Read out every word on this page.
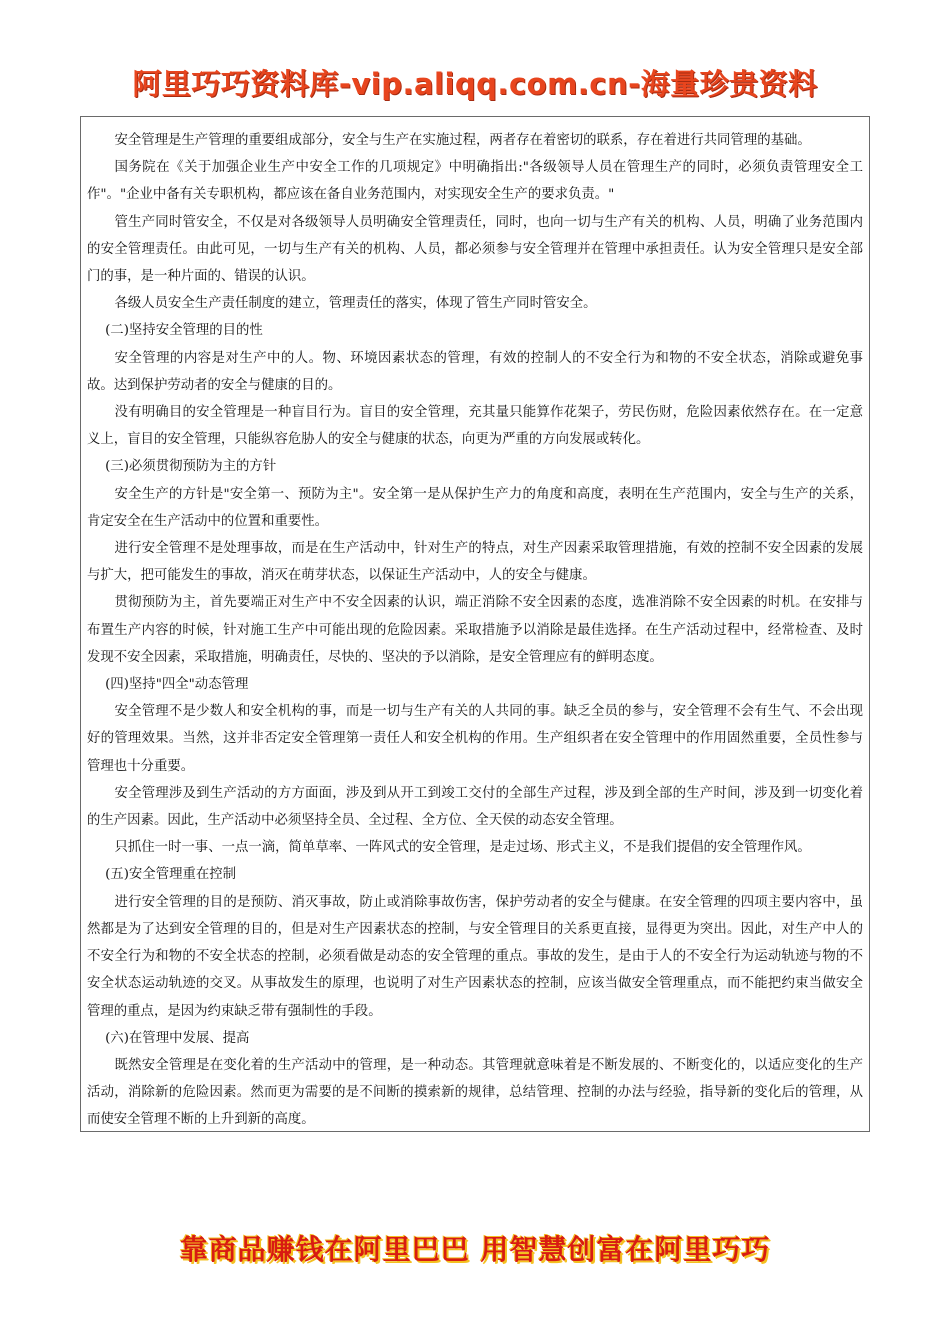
阿里巧巧资料库-vip.aliqq.com.cn-海量珍贵资料

安全管理是生产管理的重要组成部分，安全与生产在实施过程，两者存在着密切的联系，存在着进行共同管理的基础。

国务院在《关于加强企业生产中安全工作的几项规定》中明确指出:"各级领导人员在管理生产的同时，必须负责管理安全工作"。"企业中备有关专职机构，都应该在备自业务范围内，对实现安全生产的要求负责。"

管生产同时管安全，不仅是对各级领导人员明确安全管理责任，同时，也向一切与生产有关的机构、人员，明确了业务范围内的安全管理责任。由此可见，一切与生产有关的机构、人员，都必须参与安全管理并在管理中承担责任。认为安全管理只是安全部门的事，是一种片面的、错误的认识。

各级人员安全生产责任制度的建立，管理责任的落实，体现了管生产同时管安全。

(二)坚持安全管理的目的性

安全管理的内容是对生产中的人。物、环境因素状态的管理，有效的控制人的不安全行为和物的不安全状态，消除或避免事故。达到保护劳动者的安全与健康的目的。

没有明确目的安全管理是一种盲目行为。盲目的安全管理，充其量只能算作花架子，劳民伤财，危险因素依然存在。在一定意义上，盲目的安全管理，只能纵容危胁人的安全与健康的状态，向更为严重的方向发展或转化。

(三)必须贯彻预防为主的方针

安全生产的方针是"安全第一、预防为主"。安全第一是从保护生产力的角度和高度，表明在生产范围内，安全与生产的关系，肯定安全在生产活动中的位置和重要性。

进行安全管理不是处理事故，而是在生产活动中，针对生产的特点，对生产因素采取管理措施，有效的控制不安全因素的发展与扩大，把可能发生的事故，消灭在萌芽状态，以保证生产活动中，人的安全与健康。

贯彻预防为主，首先要端正对生产中不安全因素的认识，端正消除不安全因素的态度，选准消除不安全因素的时机。在安排与布置生产内容的时候，针对施工生产中可能出现的危险因素。采取措施予以消除是最佳选择。在生产活动过程中，经常检查、及时发现不安全因素，采取措施，明确责任，尽快的、坚决的予以消除，是安全管理应有的鲜明态度。

(四)坚持"四全"动态管理

安全管理不是少数人和安全机构的事，而是一切与生产有关的人共同的事。缺乏全员的参与，安全管理不会有生气、不会出现好的管理效果。当然，这并非否定安全管理第一责任人和安全机构的作用。生产组织者在安全管理中的作用固然重要，全员性参与管理也十分重要。

安全管理涉及到生产活动的方方面面，涉及到从开工到竣工交付的全部生产过程，涉及到全部的生产时间，涉及到一切变化着的生产因素。因此，生产活动中必须坚持全员、全过程、全方位、全天侯的动态安全管理。

只抓住一时一事、一点一滴，简单草率、一阵风式的安全管理，是走过场、形式主义，不是我们提倡的安全管理作风。

(五)安全管理重在控制

进行安全管理的目的是预防、消灭事故，防止或消除事故伤害，保护劳动者的安全与健康。在安全管理的四项主要内容中，虽然都是为了达到安全管理的目的，但是对生产因素状态的控制，与安全管理目的关系更直接，显得更为突出。因此，对生产中人的不安全行为和物的不安全状态的控制，必须看做是动态的安全管理的重点。事故的发生，是由于人的不安全行为运动轨迹与物的不安全状态运动轨迹的交叉。从事故发生的原理，也说明了对生产因素状态的控制，应该当做安全管理重点，而不能把约束当做安全管理的重点，是因为约束缺乏带有强制性的手段。

(六)在管理中发展、提高

既然安全管理是在变化着的生产活动中的管理，是一种动态。其管理就意味着是不断发展的、不断变化的，以适应变化的生产活动，消除新的危险因素。然而更为需要的是不间断的摸索新的规律，总结管理、控制的办法与经验，指导新的变化后的管理，从而使安全管理不断的上升到新的高度。

靠商品赚钱在阿里巴巴 用智慧创富在阿里巧巧
